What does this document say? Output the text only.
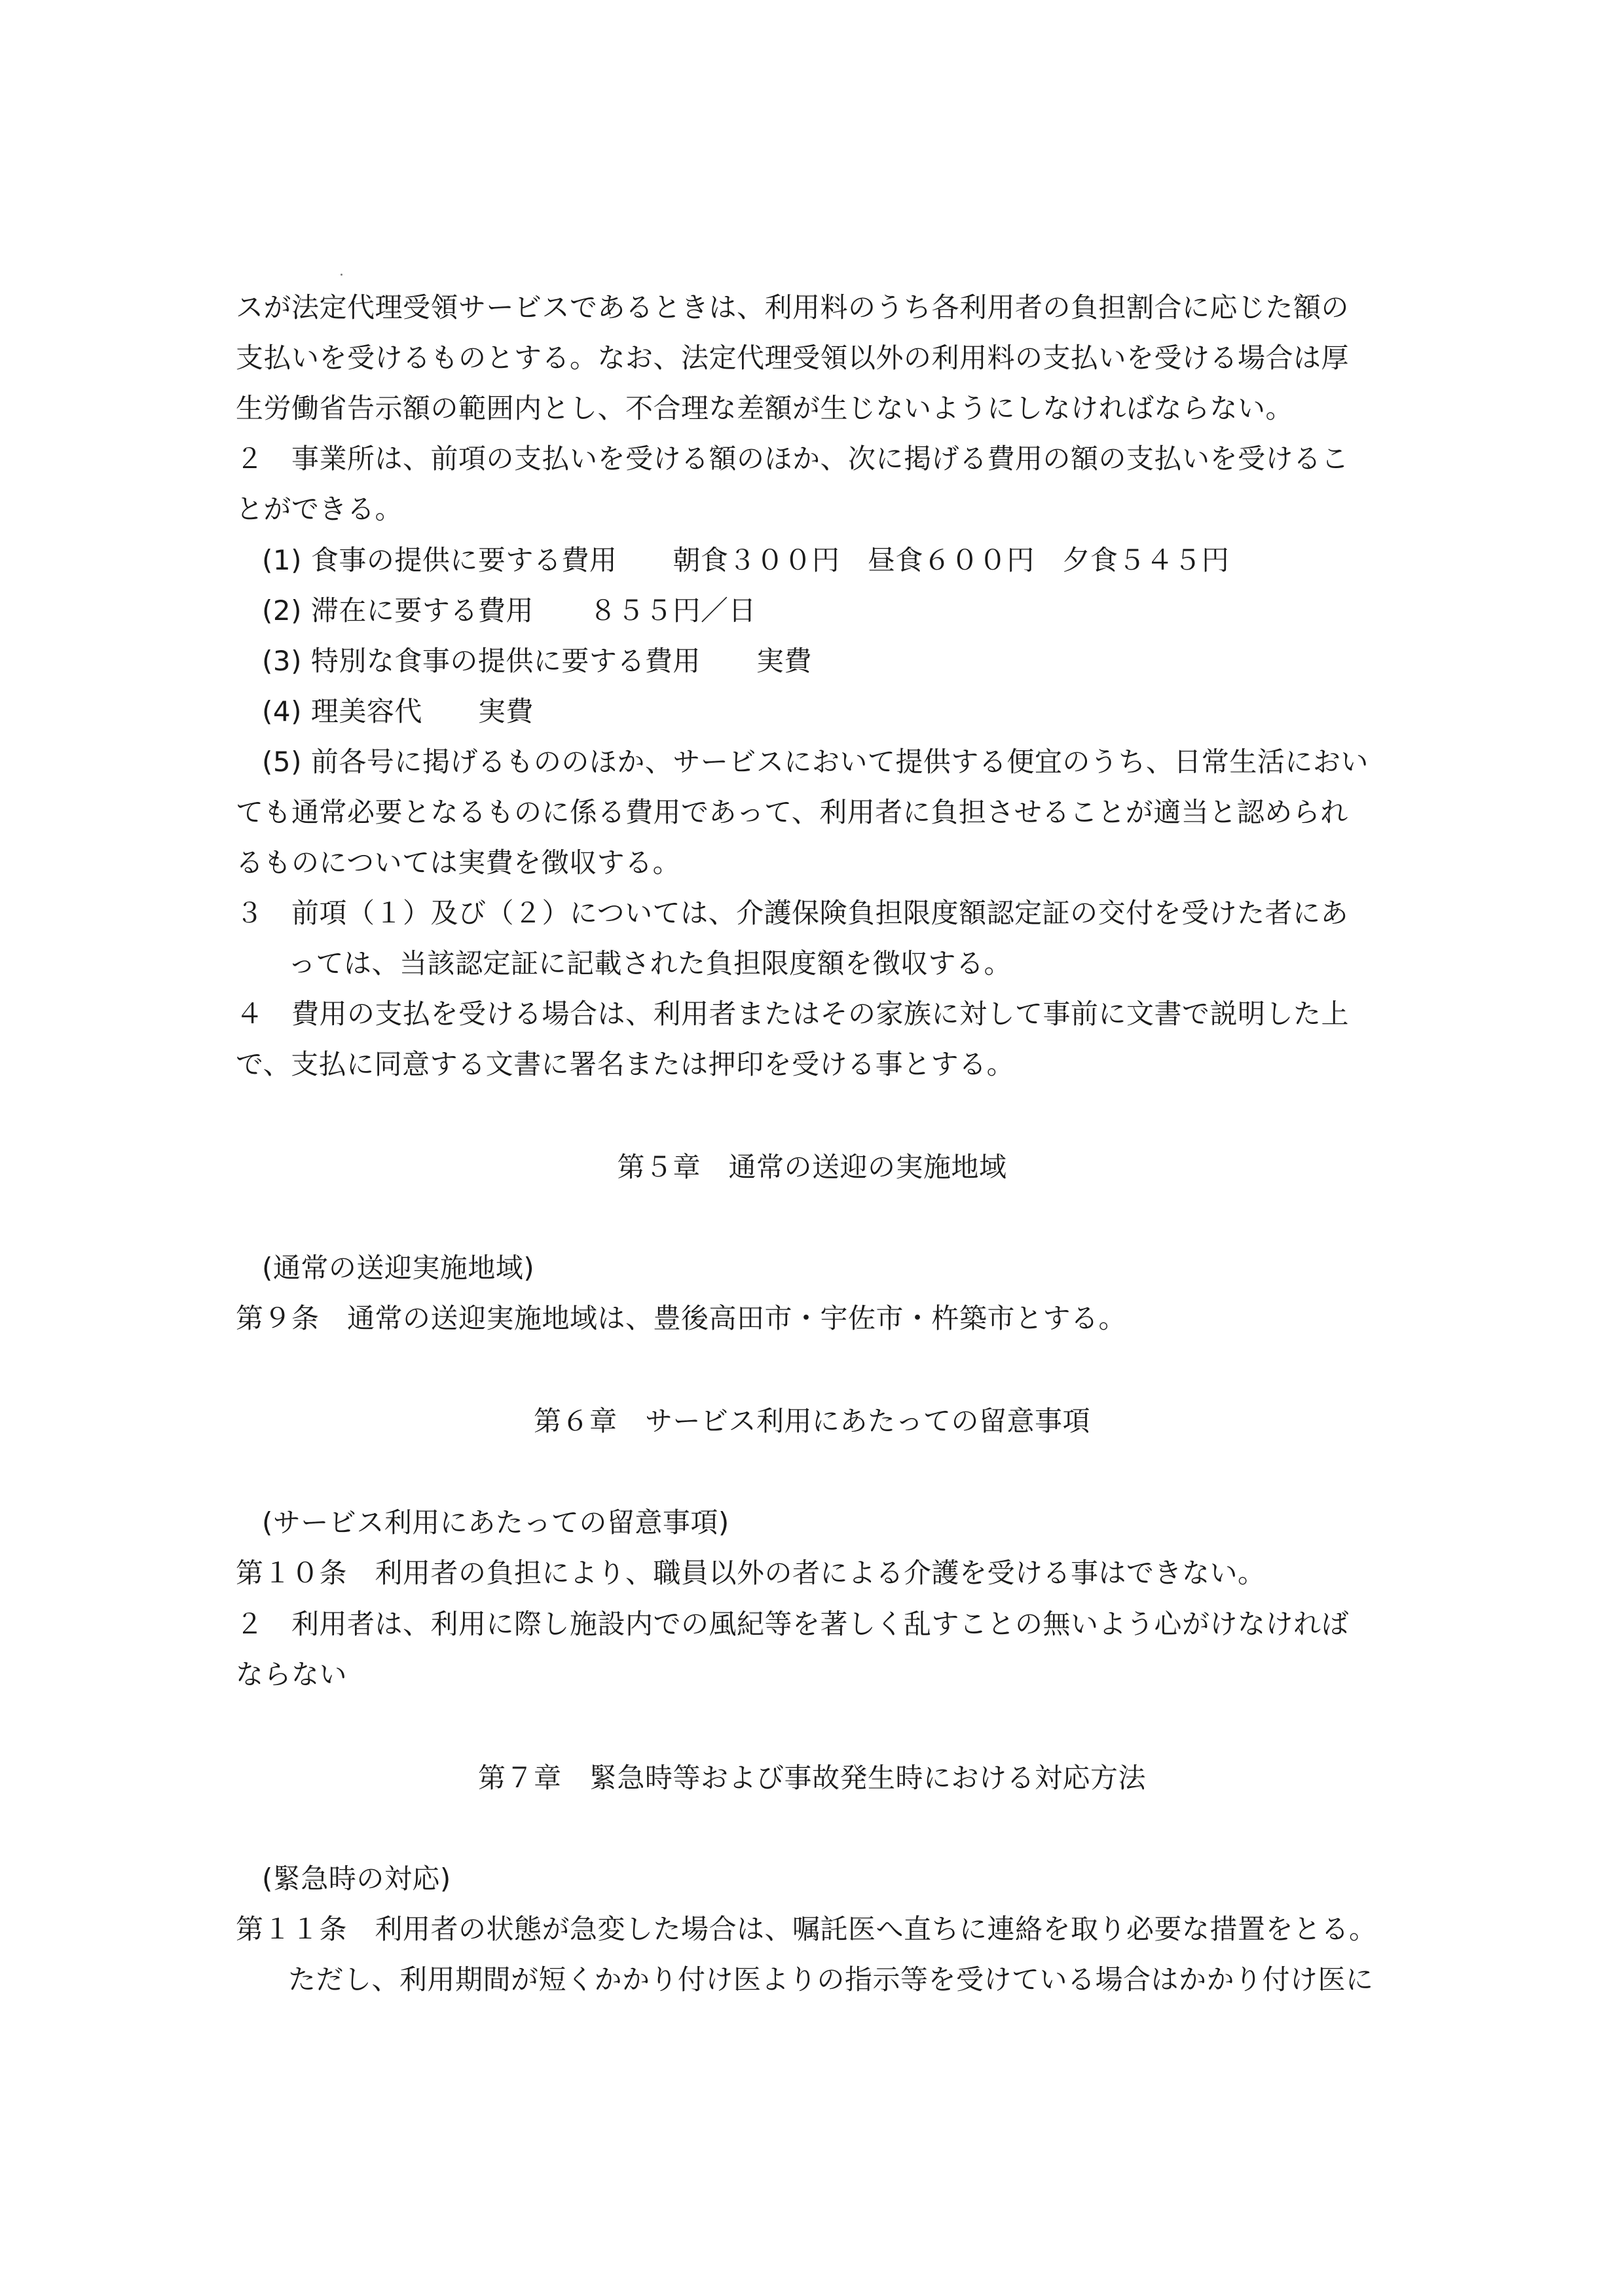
スが法定代理受領サービスであるときは、利用料のうち各利用者の負担割合に応じた額の
支払いを受けるものとする。なお、法定代理受領以外の利用料の支払いを受ける場合は厚
生労働省告示額の範囲内とし、不合理な差額が生じないようにしなければならない。
２　事業所は、前項の支払いを受ける額のほか、次に掲げる費用の額の支払いを受けるこ
とができる。
(1) 食事の提供に要する費用　　朝食３００円　昼食６００円　夕食５４５円
(2) 滞在に要する費用　　８５５円／日
(3) 特別な食事の提供に要する費用　　実費
(4) 理美容代　　実費
(5) 前各号に掲げるもののほか、サービスにおいて提供する便宜のうち、日常生活におい
ても通常必要となるものに係る費用であって、利用者に負担させることが適当と認められ
るものについては実費を徴収する。
３　前項（１）及び（２）については、介護保険負担限度額認定証の交付を受けた者にあ
っては、当該認定証に記載された負担限度額を徴収する。
４　費用の支払を受ける場合は、利用者またはその家族に対して事前に文書で説明した上
で、支払に同意する文書に署名または押印を受ける事とする。
第５章　通常の送迎の実施地域
(通常の送迎実施地域)
第９条　通常の送迎実施地域は、豊後高田市・宇佐市・杵築市とする。
第６章　サービス利用にあたっての留意事項
(サービス利用にあたっての留意事項)
第１０条　利用者の負担により、職員以外の者による介護を受ける事はできない。
２　利用者は、利用に際し施設内での風紀等を著しく乱すことの無いよう心がけなければ
ならない
第７章　緊急時等および事故発生時における対応方法
(緊急時の対応)
第１１条　利用者の状態が急変した場合は、嘱託医へ直ちに連絡を取り必要な措置をとる。
ただし、利用期間が短くかかり付け医よりの指示等を受けている場合はかかり付け医に
